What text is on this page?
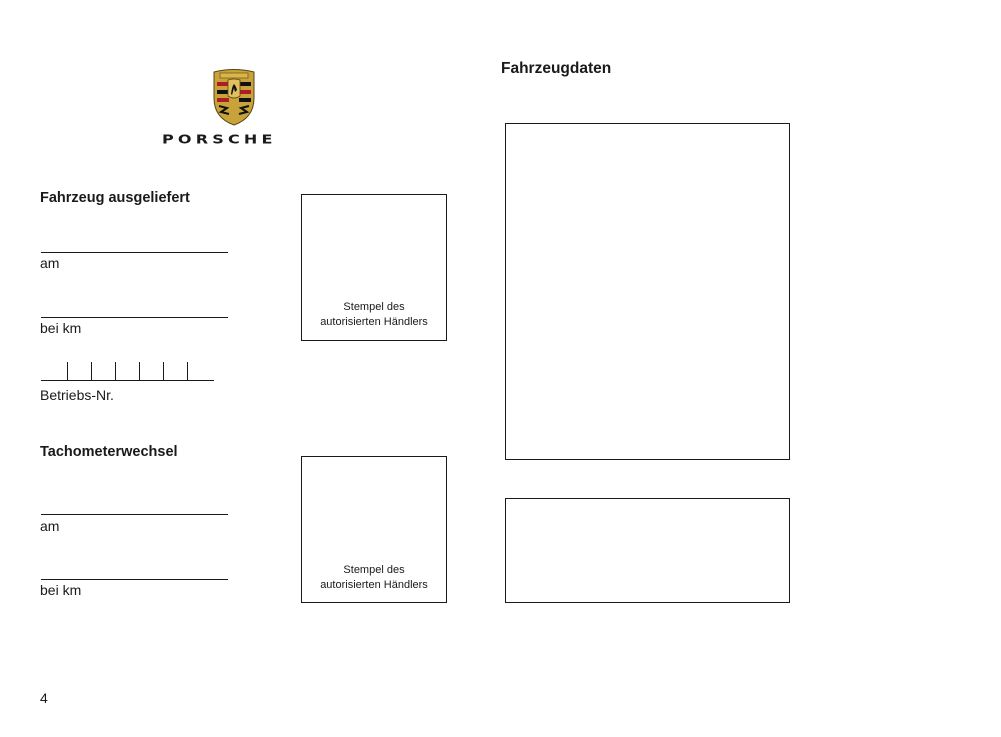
PORSCHE
Fahrzeug ausgeliefert
am
bei km
Betriebs-Nr.
Stempel des
autorisierten Händlers
Tachometerwechsel
am
bei km
Stempel des
autorisierten Händlers
Fahrzeugdaten
4
